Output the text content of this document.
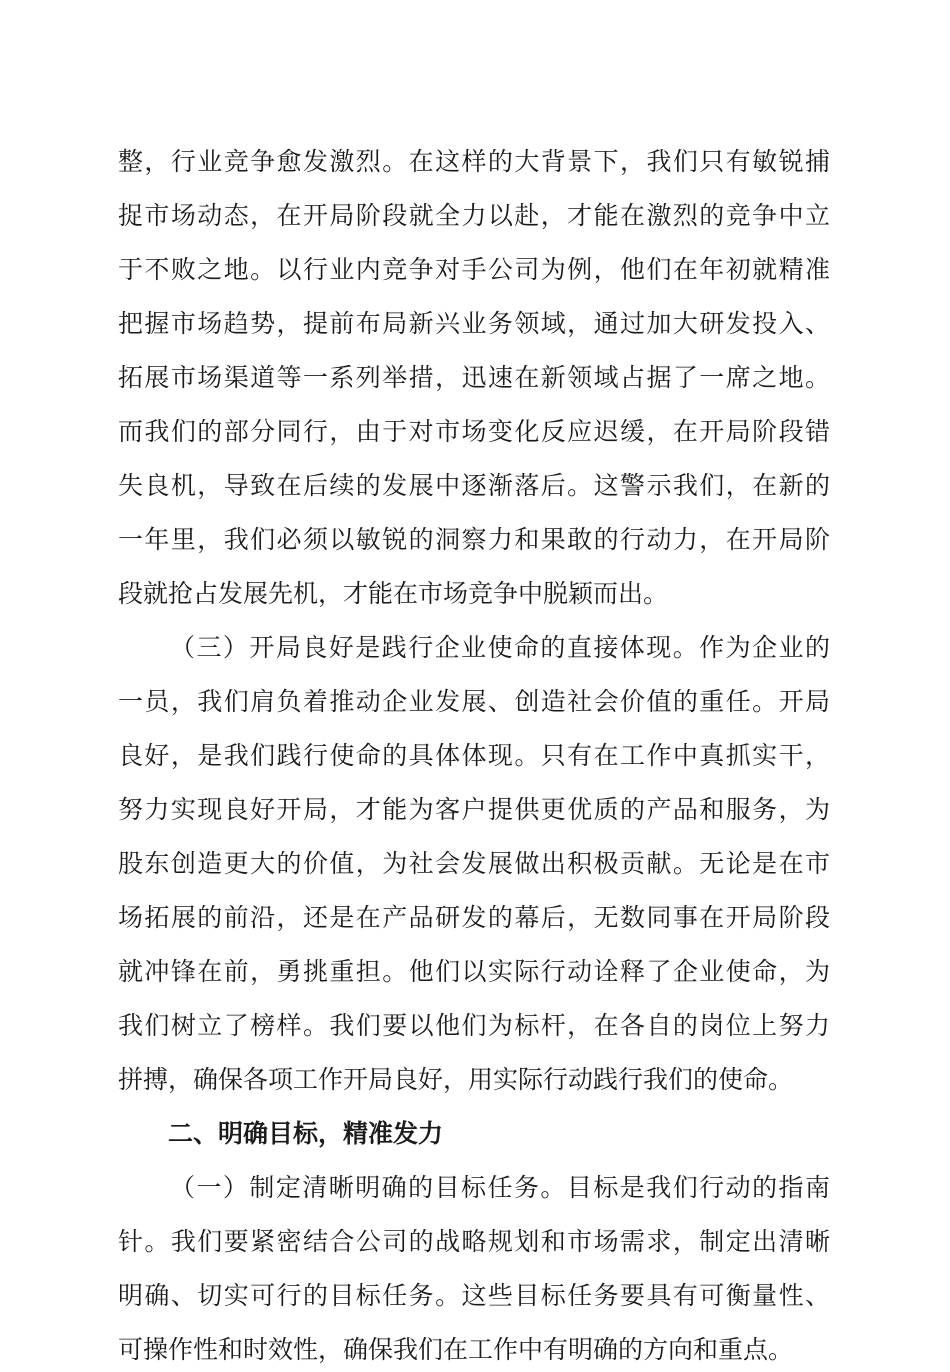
整，行业竞争愈发激烈。在这样的大背景下，我们只有敏锐捕
捉市场动态，在开局阶段就全力以赴，才能在激烈的竞争中立
于不败之地。以行业内竞争对手公司为例，他们在年初就精准
把握市场趋势，提前布局新兴业务领域，通过加大研发投入、
拓展市场渠道等一系列举措，迅速在新领域占据了一席之地。
而我们的部分同行，由于对市场变化反应迟缓，在开局阶段错
失良机，导致在后续的发展中逐渐落后。这警示我们，在新的
一年里，我们必须以敏锐的洞察力和果敢的行动力，在开局阶
段就抢占发展先机，才能在市场竞争中脱颖而出。
（三）开局良好是践行企业使命的直接体现。作为企业的
一员，我们肩负着推动企业发展、创造社会价值的重任。开局
良好，是我们践行使命的具体体现。只有在工作中真抓实干，
努力实现良好开局，才能为客户提供更优质的产品和服务，为
股东创造更大的价值，为社会发展做出积极贡献。无论是在市
场拓展的前沿，还是在产品研发的幕后，无数同事在开局阶段
就冲锋在前，勇挑重担。他们以实际行动诠释了企业使命，为
我们树立了榜样。我们要以他们为标杆，在各自的岗位上努力
拼搏，确保各项工作开局良好，用实际行动践行我们的使命。
二、明确目标，精准发力
（一）制定清晰明确的目标任务。目标是我们行动的指南
针。我们要紧密结合公司的战略规划和市场需求，制定出清晰
明确、切实可行的目标任务。这些目标任务要具有可衡量性、
可操作性和时效性，确保我们在工作中有明确的方向和重点。
